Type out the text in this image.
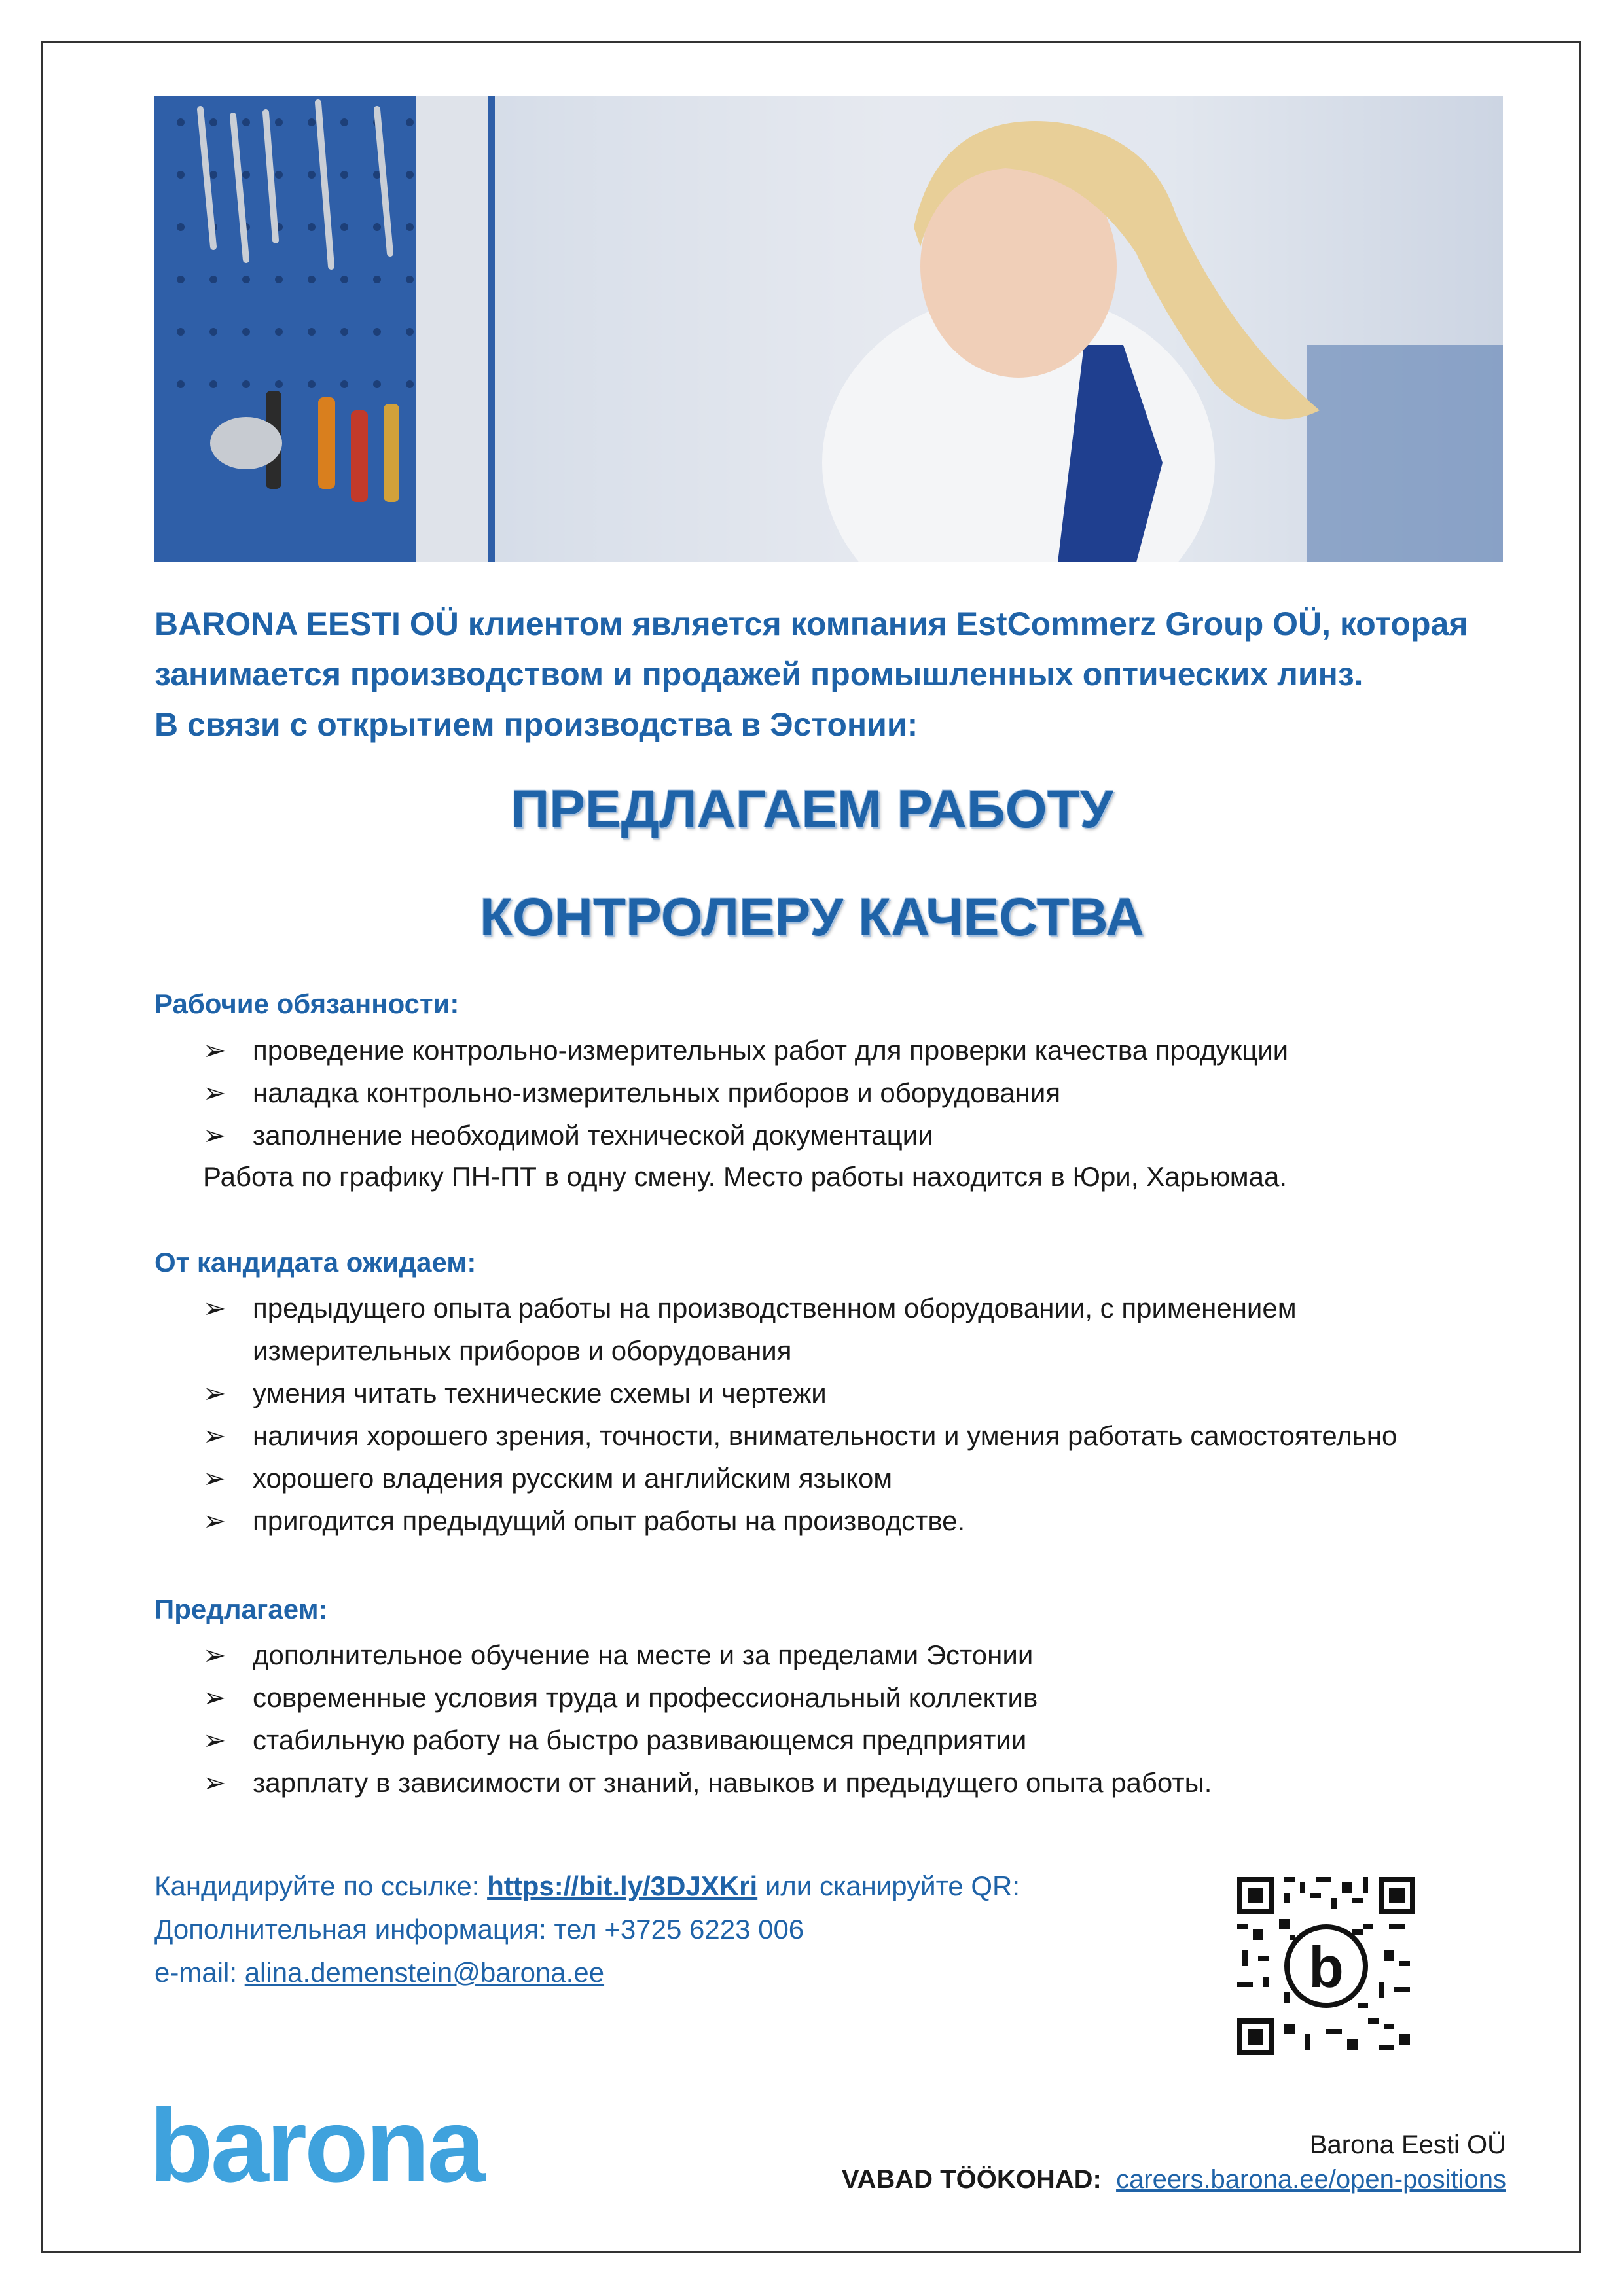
BARONA EESTI OÜ клиентом является компания EstCommerz Group OÜ, которая
занимается производством и продажей промышленных оптических линз.
В связи с открытием производства в Эстонии:
ПРЕДЛАГАЕМ РАБОТУ
КОНТРОЛЕРУ КАЧЕСТВА
Рабочие обязанности:
➢ проведение контрольно-измерительных работ для проверки качества продукции
➢ наладка контрольно-измерительных приборов и оборудования
➢ заполнение необходимой технической документации
Работа по графику ПН-ПТ в одну смену. Место работы находится в Юри, Харьюмаа.
От кандидата ожидаем:
➢ предыдущего опыта работы на производственном оборудовании, с применением
измерительных приборов и оборудования
➢ умения читать технические схемы и чертежи
➢ наличия хорошего зрения, точности, внимательности и умения работать самостоятельно
➢ хорошего владения русским и английским языком
➢ пригодится предыдущий опыт работы на производстве.
Предлагаем:
➢ дополнительное обучение на месте и за пределами Эстонии
➢ современные условия труда и профессиональный коллектив
➢ стабильную работу на быстро развивающемся предприятии
➢ зарплату в зависимости от знаний, навыков и предыдущего опыта работы.
Кандидируйте по ссылке: https://bit.ly/3DJXKri или сканируйте QR:
Дополнительная информация: тел +3725 6223 006
e-mail: alina.demenstein@barona.ee	b
barona	Barona Eesti OÜ
VABAD TÖÖKOHAD: careers.barona.ee/open-positions
